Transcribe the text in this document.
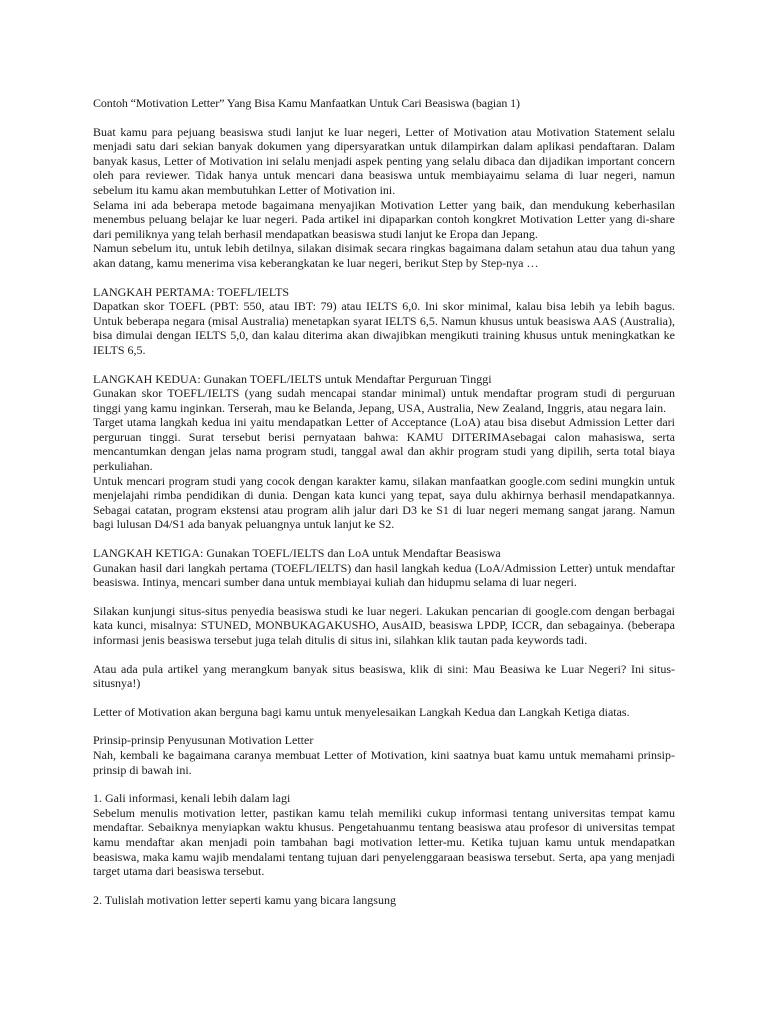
Contoh “Motivation Letter” Yang Bisa Kamu Manfaatkan Untuk Cari Beasiswa (bagian 1)

Buat kamu para pejuang beasiswa studi lanjut ke luar negeri, Letter of Motivation atau Motivation Statement selalu menjadi satu dari sekian banyak dokumen yang dipersyaratkan untuk dilampirkan dalam aplikasi pendaftaran. Dalam banyak kasus, Letter of Motivation ini selalu menjadi aspek penting yang selalu dibaca dan dijadikan important concern oleh para reviewer. Tidak hanya untuk mencari dana beasiswa untuk membiayaimu selama di luar negeri, namun sebelum itu kamu akan membutuhkan Letter of Motivation ini.

Selama ini ada beberapa metode bagaimana menyajikan Motivation Letter yang baik, dan mendukung keberhasilan menembus peluang belajar ke luar negeri. Pada artikel ini dipaparkan contoh kongkret Motivation Letter yang di-share dari pemiliknya yang telah berhasil mendapatkan beasiswa studi lanjut ke Eropa dan Jepang.

Namun sebelum itu, untuk lebih detilnya, silakan disimak secara ringkas bagaimana dalam setahun atau dua tahun yang akan datang, kamu menerima visa keberangkatan ke luar negeri, berikut Step by Step-nya …

LANGKAH PERTAMA: TOEFL/IELTS

Dapatkan skor TOEFL (PBT: 550, atau IBT: 79) atau IELTS 6,0. Ini skor minimal, kalau bisa lebih ya lebih bagus. Untuk beberapa negara (misal Australia) menetapkan syarat IELTS 6,5. Namun khusus untuk beasiswa AAS (Australia), bisa dimulai dengan IELTS 5,0, dan kalau diterima akan diwajibkan mengikuti training khusus untuk meningkatkan ke IELTS 6,5.

LANGKAH KEDUA: Gunakan TOEFL/IELTS untuk Mendaftar Perguruan Tinggi

Gunakan skor TOEFL/IELTS (yang sudah mencapai standar minimal) untuk mendaftar program studi di perguruan tinggi yang kamu inginkan. Terserah, mau ke Belanda, Jepang, USA, Australia, New Zealand, Inggris, atau negara lain.

Target utama langkah kedua ini yaitu mendapatkan Letter of Acceptance (LoA) atau bisa disebut Admission Letter dari perguruan tinggi. Surat tersebut berisi pernyataan bahwa: KAMU DITERIMAsebagai calon mahasiswa, serta mencantumkan dengan jelas nama program studi, tanggal awal dan akhir program studi yang dipilih, serta total biaya perkuliahan.

Untuk mencari program studi yang cocok dengan karakter kamu, silakan manfaatkan google.com sedini mungkin untuk menjelajahi rimba pendidikan di dunia. Dengan kata kunci yang tepat, saya dulu akhirnya berhasil mendapatkannya. Sebagai catatan, program ekstensi atau program alih jalur dari D3 ke S1 di luar negeri memang sangat jarang. Namun bagi lulusan D4/S1 ada banyak peluangnya untuk lanjut ke S2.

LANGKAH KETIGA: Gunakan TOEFL/IELTS dan LoA untuk Mendaftar Beasiswa

Gunakan hasil dari langkah pertama (TOEFL/IELTS) dan hasil langkah kedua (LoA/Admission Letter) untuk mendaftar beasiswa. Intinya, mencari sumber dana untuk membiayai kuliah dan hidupmu selama di luar negeri.

Silakan kunjungi situs-situs penyedia beasiswa studi ke luar negeri. Lakukan pencarian di google.com dengan berbagai kata kunci, misalnya: STUNED, MONBUKAGAKUSHO, AusAID, beasiswa LPDP, ICCR, dan sebagainya. (beberapa informasi jenis beasiswa tersebut juga telah ditulis di situs ini, silahkan klik tautan pada keywords tadi.

Atau ada pula artikel yang merangkum banyak situs beasiswa, klik di sini: Mau Beasiwa ke Luar Negeri? Ini situs-situsnya!)

Letter of Motivation akan berguna bagi kamu untuk menyelesaikan Langkah Kedua dan Langkah Ketiga diatas.

Prinsip-prinsip Penyusunan Motivation Letter

Nah, kembali ke bagaimana caranya membuat Letter of Motivation, kini saatnya buat kamu untuk memahami prinsip-prinsip di bawah ini.

1. Gali informasi, kenali lebih dalam lagi

Sebelum menulis motivation letter, pastikan kamu telah memiliki cukup informasi tentang universitas tempat kamu mendaftar. Sebaiknya menyiapkan waktu khusus. Pengetahuanmu tentang beasiswa atau profesor di universitas tempat kamu mendaftar akan menjadi poin tambahan bagi motivation letter-mu. Ketika tujuan kamu untuk mendapatkan beasiswa, maka kamu wajib mendalami tentang tujuan dari penyelenggaraan beasiswa tersebut. Serta, apa yang menjadi target utama dari beasiswa tersebut.

2. Tulislah motivation letter seperti kamu yang bicara langsung
